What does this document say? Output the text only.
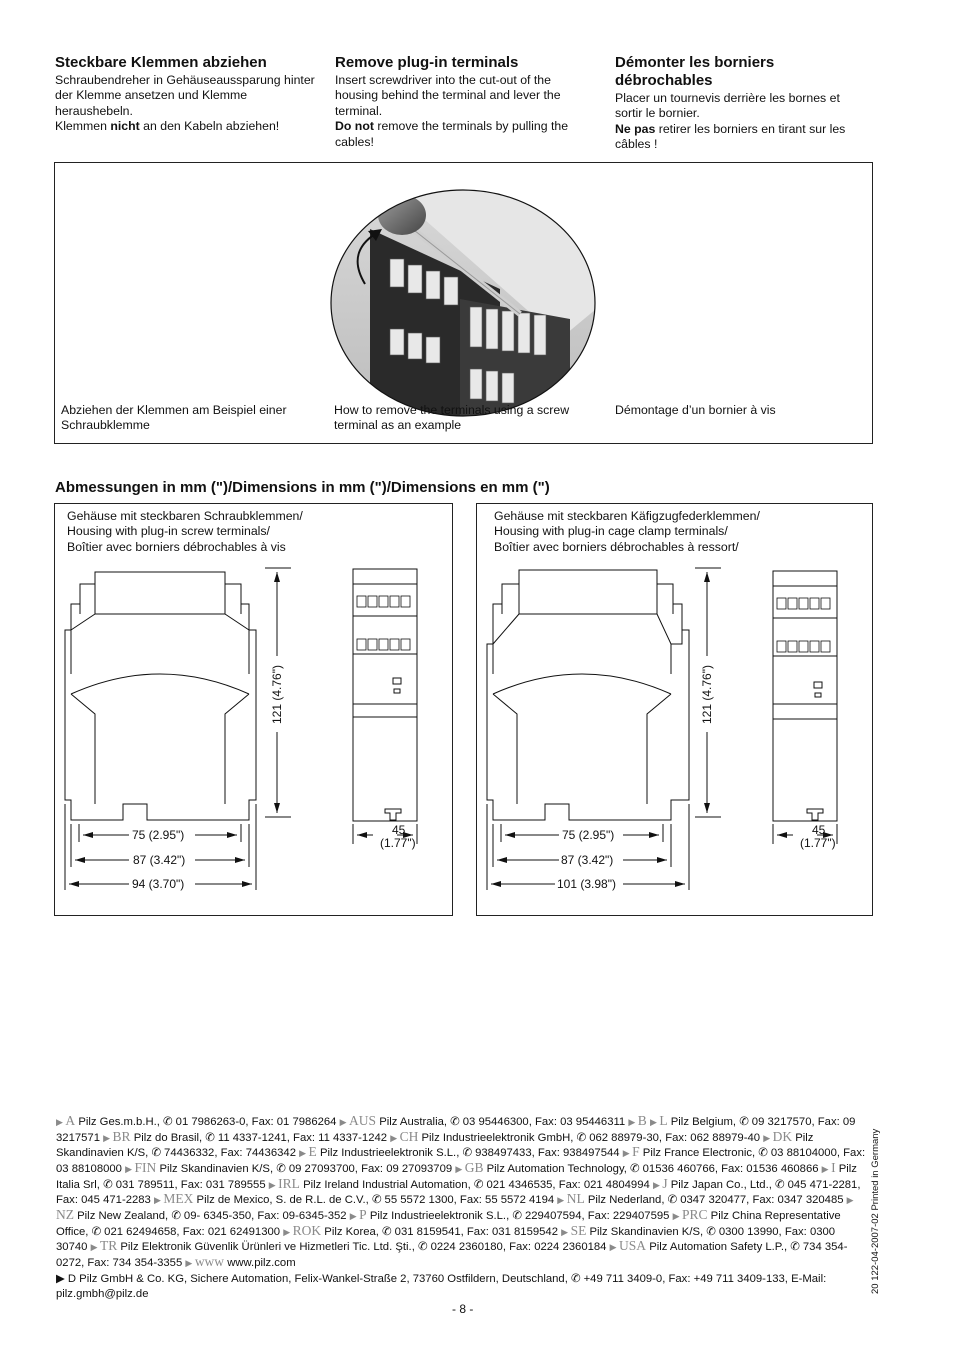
Steckbare Klemmen abziehen

Schraubendreher in Gehäuseaussparung hinter der Klemme ansetzen und Klemme heraushebeln.

Klemmen nicht an den Kabeln abziehen!

Remove plug-in terminals

Insert screwdriver into the cut-out of the housing behind the terminal and lever the terminal.

Do not remove the terminals by pulling the cables!

Démonter les borniers débrochables

Placer un tournevis derrière les bornes et sortir le bornier.

Ne pas retirer les borniers en tirant sur les câbles !

Abziehen der Klemmen am Beispiel einer Schraubklemme
How to remove the terminals using a screw terminal as an example
Démontage d’un bornier à vis
Abmessungen in mm (")/Dimensions in mm (")/Dimensions en mm (")
Gehäuse mit steckbaren Schraubklemmen/
Housing with plug-in screw terminals/
Boîtier avec borniers débrochables à vis
121 (4.76")
75 (2.95")
87 (3.42")
94 (3.70")
45
(1.77")
Gehäuse mit steckbaren Käfigzugfederklemmen/
Housing with plug-in cage clamp terminals/
Boîtier avec borniers débrochables à ressort/
121 (4.76")
75 (2.95")
87 (3.42")
101 (3.98")
45
(1.77")
▶ A Pilz Ges.m.b.H., ✆ 01 7986263-0, Fax: 01 7986264 ▶ AUS Pilz Australia, ✆ 03 95446300, Fax: 03 95446311 ▶ B ▶ L Pilz Belgium, ✆ 09 3217570, Fax: 09 3217571 ▶ BR Pilz do Brasil, ✆ 11 4337-1241, Fax: 11 4337-1242 ▶ CH Pilz Industrieelektronik GmbH, ✆ 062 88979-30, Fax: 062 88979-40 ▶ DK Pilz Skandinavien K/S, ✆ 74436332, Fax: 74436342 ▶ E Pilz Industrieelektronik S.L., ✆ 938497433, Fax: 938497544 ▶ F Pilz France Electronic, ✆ 03 88104000, Fax: 03 88108000 ▶ FIN Pilz Skandinavien K/S, ✆ 09 27093700, Fax: 09 27093709 ▶ GB Pilz Automation Technology, ✆ 01536 460766, Fax: 01536 460866 ▶ I Pilz Italia Srl, ✆ 031 789511, Fax: 031 789555 ▶ IRL Pilz Ireland Industrial Automation, ✆ 021 4346535, Fax: 021 4804994 ▶ J Pilz Japan Co., Ltd., ✆ 045 471-2281, Fax: 045 471-2283 ▶ MEX Pilz de Mexico, S. de R.L. de C.V., ✆ 55 5572 1300, Fax: 55 5572 4194 ▶ NL Pilz Nederland, ✆ 0347 320477, Fax: 0347 320485 ▶ NZ Pilz New Zealand, ✆ 09- 6345-350, Fax: 09-6345-352 ▶ P Pilz Industrieelektronik S.L., ✆ 229407594, Fax: 229407595 ▶ PRC Pilz China Representative Office, ✆ 021 62494658, Fax: 021 62491300 ▶ ROK Pilz Korea, ✆ 031 8159541, Fax: 031 8159542 ▶ SE Pilz Skandinavien K/S, ✆ 0300 13990, Fax: 0300 30740 ▶ TR Pilz Elektronik Güvenlik Ürünleri ve Hizmetleri Tic. Ltd. Şti., ✆ 0224 2360180, Fax: 0224 2360184 ▶ USA Pilz Automation Safety L.P., ✆ 734 354-0272, Fax: 734 354-3355 ▶ www www.pilz.com
▶ D Pilz GmbH & Co. KG, Sichere Automation, Felix-Wankel-Straße 2, 73760 Ostfildern, Deutschland, ✆ +49 711 3409-0, Fax: +49 711 3409-133, E-Mail: pilz.gmbh@pilz.de
- 8 -
20 122-04-2007-02 Printed in Germany
